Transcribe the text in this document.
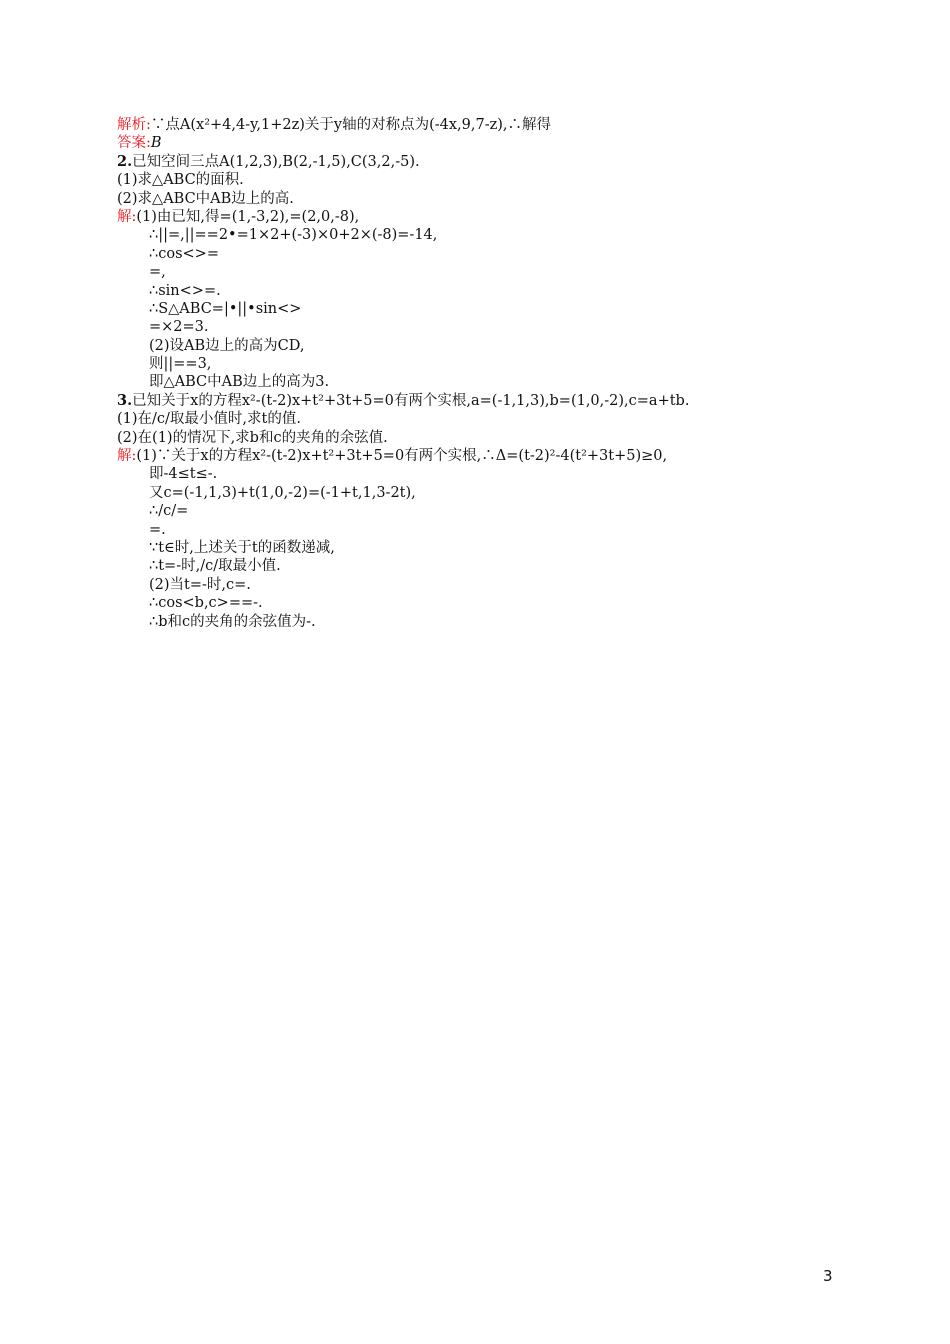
解析:∵点A(x²+4,4-y,1+2z)关于y轴的对称点为(-4x,9,7-z),∴解得
答案:B
2.已知空间三点A(1,2,3),B(2,-1,5),C(3,2,-5).
(1)求△ABC的面积.
(2)求△ABC中AB边上的高.
解:(1)由已知,得=(1,-3,2),=(2,0,-8),
∴||=,||==2•=1×2+(-3)×0+2×(-8)=-14,
∴cos<>=
=,
∴sin<>=.
∴S△ABC=|•||•sin<>
=×2=3.
(2)设AB边上的高为CD,
则||==3,
即△ABC中AB边上的高为3.
3.已知关于x的方程x²-(t-2)x+t²+3t+5=0有两个实根,a=(-1,1,3),b=(1,0,-2),c=a+tb.
(1)在/c/取最小值时,求t的值.
(2)在(1)的情况下,求b和c的夹角的余弦值.
解:(1)∵关于x的方程x²-(t-2)x+t²+3t+5=0有两个实根,∴Δ=(t-2)²-4(t²+3t+5)≥0,
即-4≤t≤-.
又c=(-1,1,3)+t(1,0,-2)=(-1+t,1,3-2t),
∴/c/=
=.
∵t∈时,上述关于t的函数递减,
∴t=-时,/c/取最小值.
(2)当t=-时,c=.
∴cos<b,c>==-.
∴b和c的夹角的余弦值为-.
3
